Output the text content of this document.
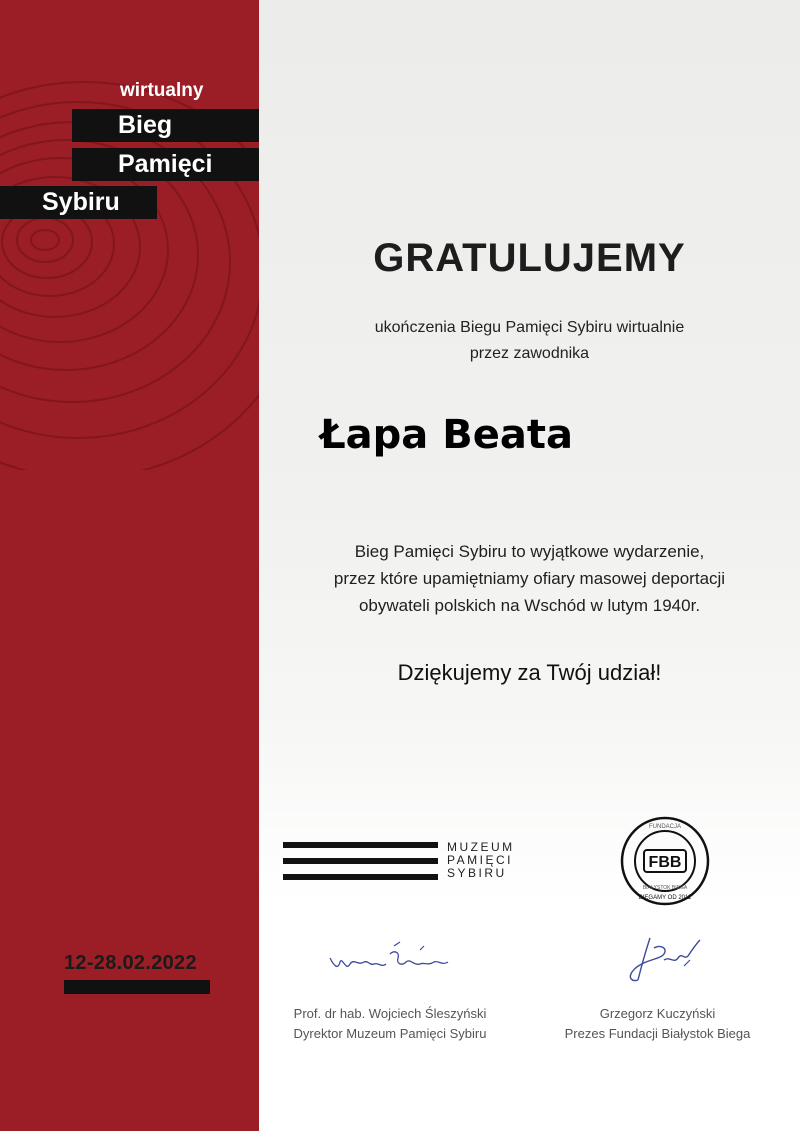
wirtualny
Bieg
Pamięci
Sybiru
12-28.02.2022
GRATULUJEMY
ukończenia Biegu Pamięci Sybiru wirtualnie
przez zawodnika
Łapa Beata
Bieg Pamięci Sybiru to wyjątkowe wydarzenie,
przez które upamiętniamy ofiary masowej deportacji
obywateli polskich na Wschód w lutym 1940r.
Dziękujemy za Twój udział!
MUZEUM
PAMIĘCI
SYBIRU
FBB
FUNDACJA
BIAŁYSTOK BIEGA
BIEGAMY OD 2011
Prof. dr hab. Wojciech Śleszyński
Dyrektor Muzeum Pamięci Sybiru
Grzegorz Kuczyński
Prezes Fundacji Białystok Biega
